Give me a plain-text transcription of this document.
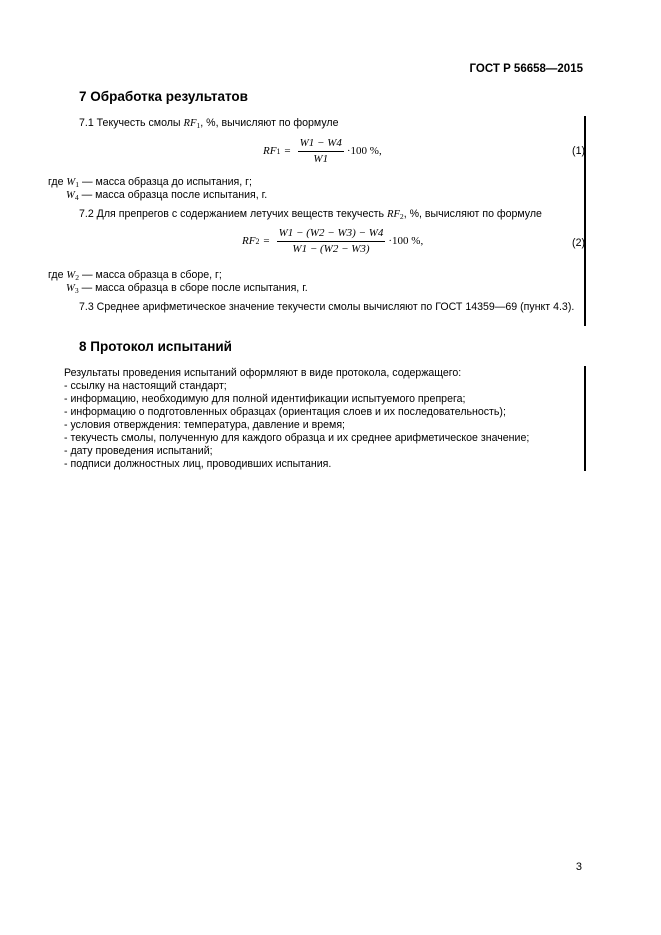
ГОСТ Р 56658—2015
7 Обработка результатов
7.1 Текучесть смолы $RF_1$, %, вычисляют по формуле
RF $1 = \frac{W1 - W4}{W1} \cdot 100$ %,	(1)
где $W_1$ — масса образца до испытания, г;
$W_4$ — масса образца после испытания, г.
7.2 Для препрегов с содержанием летучих веществ текучесть $RF_2$, %, вычисляют по формуле
RF $2 = \frac{W1 - (W2 - W3) - W4}{W1 - (W2 - W3)} \cdot 100$ %,	(2)
где $W_2$ — масса образца в сборе, г;
$W_3$ — масса образца в сборе после испытания, г.
7.3 Среднее арифметическое значение текучести смолы вычисляют по ГОСТ 14359—69 (пункт 4.3).
8 Протокол испытаний
Результаты проведения испытаний оформляют в виде протокола, содержащего:
- ссылку на настоящий стандарт;
- информацию, необходимую для полной идентификации испытуемого препрега;
- информацию о подготовленных образцах (ориентация слоев и их последовательность);
- условия отверждения: температура, давление и время;
- текучесть смолы, полученную для каждого образца и их среднее арифметическое значение;
- дату проведения испытаний;
- подписи должностных лиц, проводивших испытания.
3
